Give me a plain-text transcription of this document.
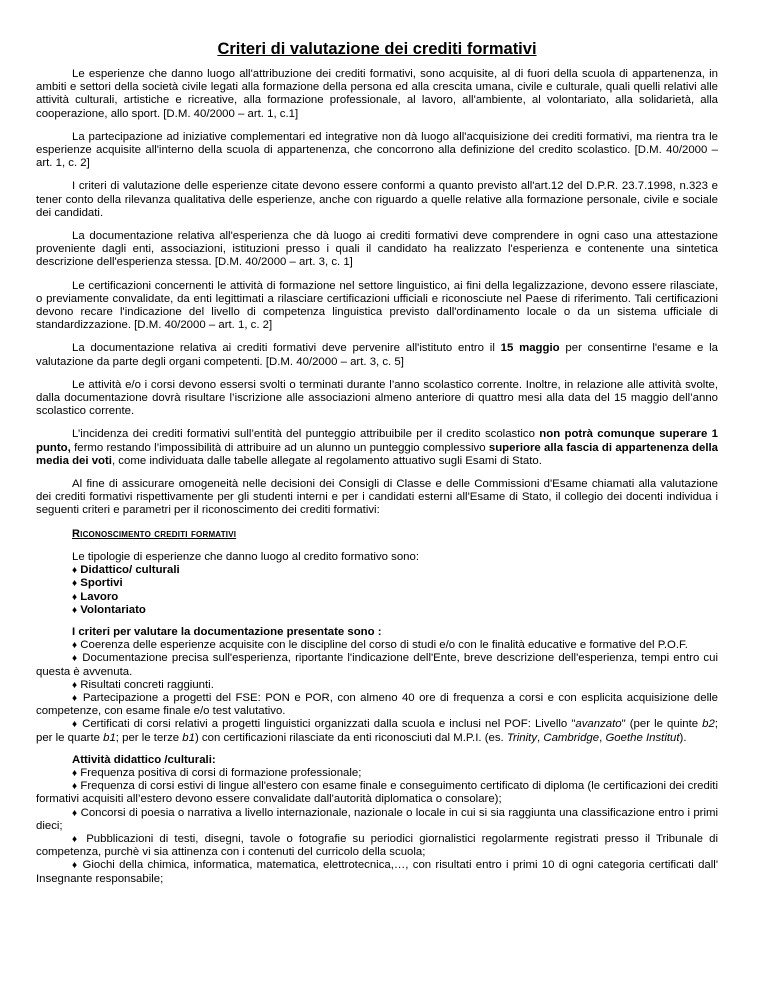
Criteri di valutazione dei crediti formativi

Le esperienze che danno luogo all'attribuzione dei crediti formativi, sono acquisite, al di fuori della scuola di appartenenza, in ambiti e settori della società civile legati alla formazione della persona ed alla crescita umana, civile e culturale, quali quelli relativi alle attività culturali, artistiche e ricreative, alla formazione professionale, al lavoro, all'ambiente, al volontariato, alla solidarietà, alla cooperazione, allo sport. [D.M. 40/2000 – art. 1, c.1]

La partecipazione ad iniziative complementari ed integrative non dà luogo all'acquisizione dei crediti formativi, ma rientra tra le esperienze acquisite all'interno della scuola di appartenenza, che concorrono alla definizione del credito scolastico. [D.M. 40/2000 – art. 1, c. 2]

I criteri di valutazione delle esperienze citate devono essere conformi a quanto previsto all'art.12 del D.P.R. 23.7.1998, n.323 e tener conto della rilevanza qualitativa delle esperienze, anche con riguardo a quelle relative alla formazione personale, civile e sociale dei candidati.

La documentazione relativa all'esperienza che dà luogo ai crediti formativi deve comprendere in ogni caso una attestazione proveniente dagli enti, associazioni, istituzioni presso i quali il candidato ha realizzato l'esperienza e contenente una sintetica descrizione dell'esperienza stessa. [D.M. 40/2000 – art. 3, c. 1]

Le certificazioni concernenti le attività di formazione nel settore linguistico, ai fini della legalizzazione, devono essere rilasciate, o previamente convalidate, da enti legittimati a rilasciare certificazioni ufficiali e riconosciute nel Paese di riferimento. Tali certificazioni devono recare l'indicazione del livello di competenza linguistica previsto dall'ordinamento locale o da un sistema ufficiale di standardizzazione. [D.M. 40/2000 – art. 1, c. 2]

La documentazione relativa ai crediti formativi deve pervenire all'istituto entro il 15 maggio per consentirne l'esame e la valutazione da parte degli organi competenti. [D.M. 40/2000 – art. 3, c. 5]

Le attività e/o i corsi devono essersi svolti o terminati durante l’anno scolastico corrente. Inoltre, in relazione alle attività svolte, dalla documentazione dovrà risultare l’iscrizione alle associazioni almeno anteriore di quattro mesi alla data del 15 maggio dell’anno scolastico corrente.

L’incidenza dei crediti formativi sull’entità del punteggio attribuibile per il credito scolastico non potrà comunque superare 1 punto, fermo restando l’impossibilità di attribuire ad un alunno un punteggio complessivo superiore alla fascia di appartenenza della media dei voti, come individuata dalle tabelle allegate al regolamento attuativo sugli Esami di Stato.

Al fine di assicurare omogeneità nelle decisioni dei Consigli di Classe e delle Commissioni d'Esame chiamati alla valutazione dei crediti formativi rispettivamente per gli studenti interni e per i candidati esterni all'Esame di Stato, il collegio dei docenti individua i seguenti criteri e parametri per il riconoscimento dei crediti formativi:

Riconoscimento crediti formativi
Le tipologie di esperienze che danno luogo al credito formativo sono:
♦ Didattico/ culturali
♦ Sportivi
♦ Lavoro
♦ Volontariato
I criteri per valutare la documentazione presentate sono :
♦ Coerenza delle esperienze acquisite con le discipline del corso di studi e/o con le finalità educative e formative del P.O.F.
♦ Documentazione precisa sull'esperienza, riportante l'indicazione dell'Ente, breve descrizione dell'esperienza, tempi entro cui questa è avvenuta.
♦ Risultati concreti raggiunti.
♦ Partecipazione a progetti del FSE: PON e POR, con almeno 40 ore di frequenza a corsi e con esplicita acquisizione delle competenze, con esame finale e/o test valutativo.
♦ Certificati di corsi relativi a progetti linguistici organizzati dalla scuola e inclusi nel POF: Livello "avanzato" (per le quinte b2; per le quarte b1; per le terze b1) con certificazioni rilasciate da enti riconosciuti dal M.P.I. (es. Trinity, Cambridge, Goethe Institut).
Attività didattico /culturali:
♦ Frequenza positiva di corsi di formazione professionale;
♦ Frequenza di corsi estivi di lingue all'estero con esame finale e conseguimento certificato di diploma (le certificazioni dei crediti formativi acquisiti all’estero devono essere convalidate dall'autorità diplomatica o consolare);
♦ Concorsi di poesia o narrativa a livello internazionale, nazionale o locale in cui si sia raggiunta una classificazione entro i primi dieci;
♦ Pubblicazioni di testi, disegni, tavole o fotografie su periodici giornalistici regolarmente registrati presso il Tribunale di competenza, purchè vi sia attinenza con i contenuti del curricolo della scuola;
♦ Giochi della chimica, informatica, matematica, elettrotecnica,…, con risultati entro i primi 10 di ogni categoria certificati dall' Insegnante responsabile;
